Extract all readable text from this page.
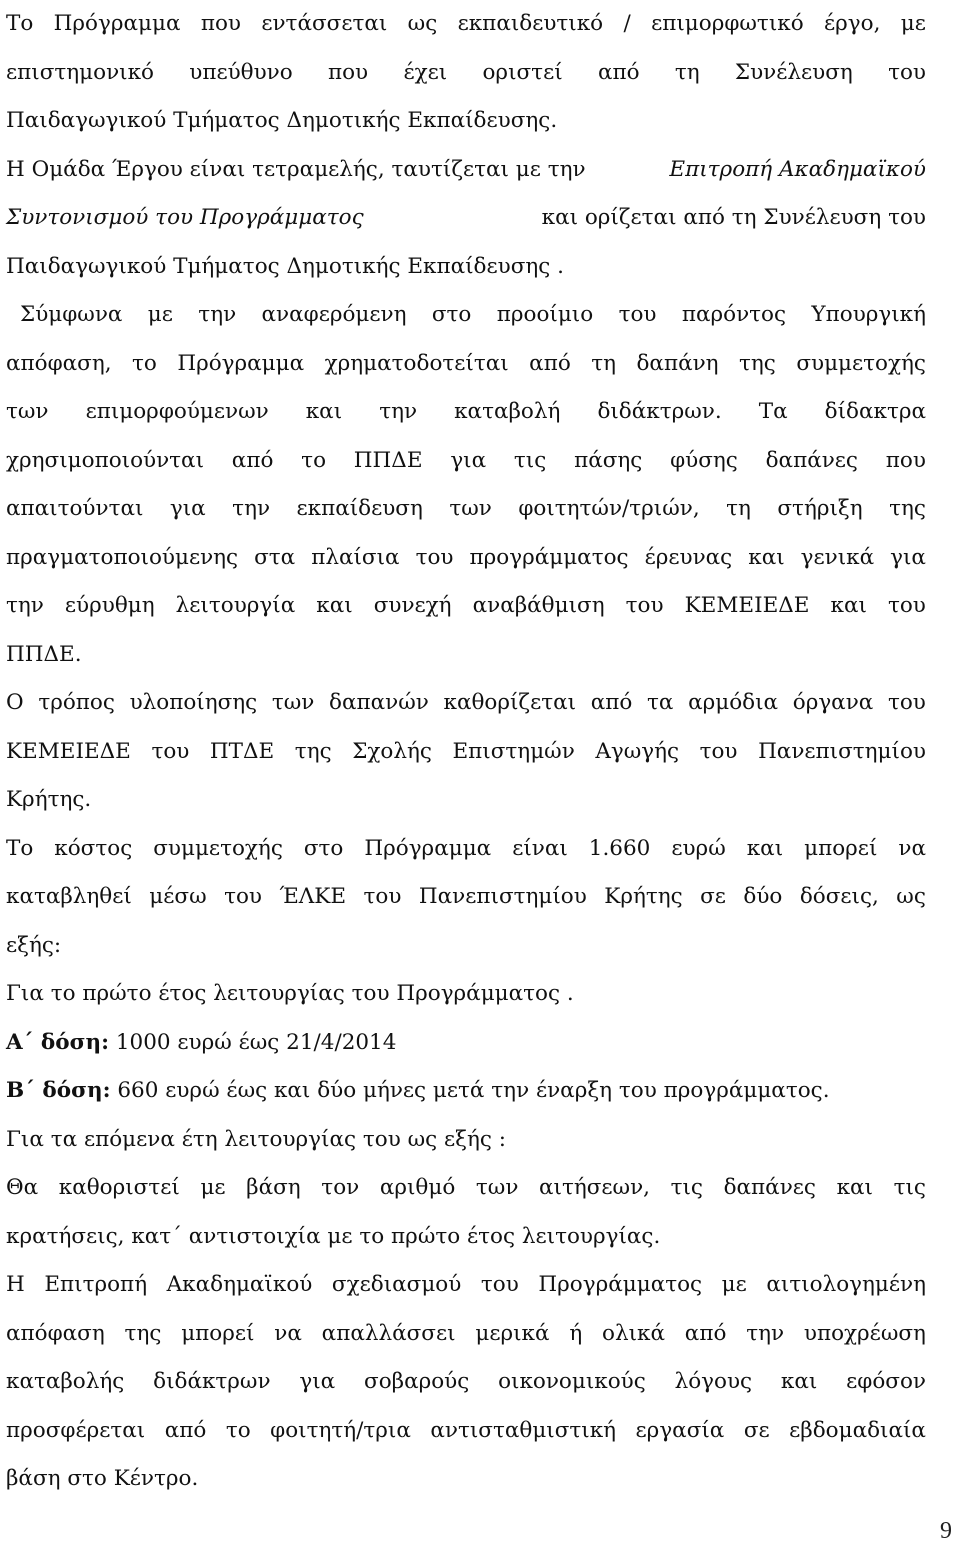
Το Πρόγραμμα που εντάσσεται ως εκπαιδευτικό / επιμορφωτικό έργο, με
επιστημονικό υπεύθυνο που έχει οριστεί από τη Συνέλευση του
Παιδαγωγικού Τμήματος Δημοτικής Εκπαίδευσης.
Η Ομάδα Έργου είναι τετραμελής, ταυτίζεται με την	Επιτροπή Ακαδημαϊκού
Συντονισμού του Προγράμματος	και ορίζεται από τη Συνέλευση του
Παιδαγωγικού Τμήματος Δημοτικής Εκπαίδευσης .
Σύμφωνα με την αναφερόμενη στο προοίμιο του παρόντος Υπουργική
απόφαση, το Πρόγραμμα χρηματοδοτείται από τη δαπάνη της συμμετοχής
των επιμορφούμενων και την καταβολή διδάκτρων. Τα δίδακτρα
χρησιμοποιούνται από το ΠΠΔΕ για τις πάσης φύσης δαπάνες που
απαιτούνται για την εκπαίδευση των φοιτητών/τριών, τη στήριξη της
πραγματοποιούμενης στα πλαίσια του προγράμματος έρευνας και γενικά για
την εύρυθμη λειτουργία και συνεχή αναβάθμιση του ΚΕΜΕΙΕΔΕ και του
ΠΠΔΕ.
Ο τρόπος υλοποίησης των δαπανών καθορίζεται από τα αρμόδια όργανα του
ΚΕΜΕΙΕΔΕ του ΠΤΔΕ της Σχολής Επιστημών Αγωγής του Πανεπιστημίου
Κρήτης.
Το κόστος συμμετοχής στο Πρόγραμμα είναι 1.660 ευρώ και μπορεί να
καταβληθεί μέσω του ΈΛΚΕ του Πανεπιστημίου Κρήτης σε δύο δόσεις, ως
εξής:
Για το πρώτο έτος λειτουργίας του Προγράμματος .
Α΄ δόση: 1000 ευρώ έως 21/4/2014
Β΄ δόση: 660 ευρώ έως και δύο μήνες μετά την έναρξη του προγράμματος.
Για τα επόμενα έτη λειτουργίας του ως εξής :
Θα καθοριστεί με βάση τον αριθμό των αιτήσεων, τις δαπάνες και τις
κρατήσεις, κατ΄ αντιστοιχία με το πρώτο έτος λειτουργίας.
Η Επιτροπή Ακαδημαϊκού σχεδιασμού του Προγράμματος με αιτιολογημένη
απόφαση της μπορεί να απαλλάσσει μερικά ή ολικά από την υποχρέωση
καταβολής διδάκτρων για σοβαρούς οικονομικούς λόγους και εφόσον
προσφέρεται από το φοιτητή/τρια αντισταθμιστική εργασία σε εβδομαδιαία
βάση στο Κέντρο.
9
